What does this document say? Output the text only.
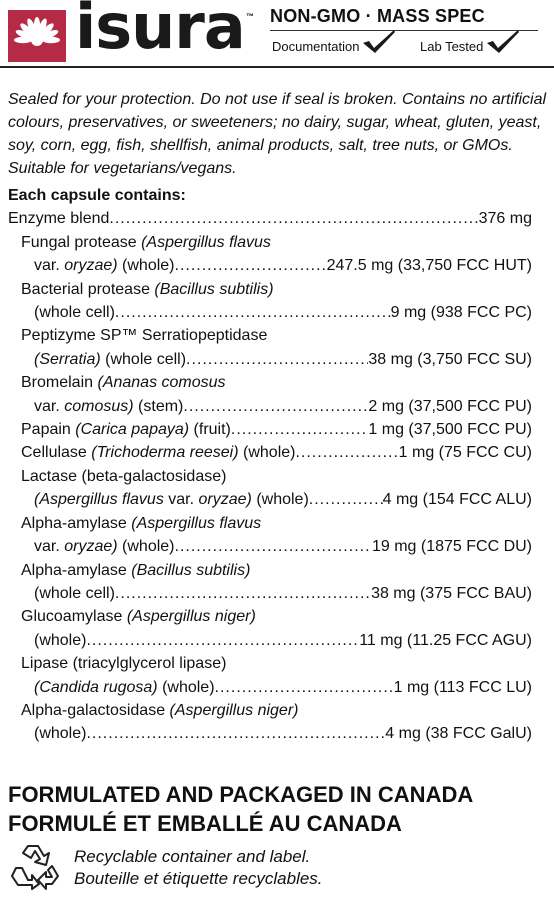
isura ™ NON-GMO · MASS SPEC
Documentation	Lab Tested
Sealed for your protection. Do not use if seal is broken. Contains no artificial colours, preservatives, or sweeteners; no dairy, sugar, wheat, gluten, yeast, soy, corn, egg, fish, shellfish, animal products, salt, tree nuts, or GMOs. Suitable for vegetarians/vegans.
Each capsule contains:
Enzyme blend .....	376 mg
Fungal protease (Aspergillus flavus
var. oryzae) (whole) .....	247.5 mg (33,750 FCC HUT)
Bacterial protease (Bacillus subtilis)
(whole cell) .....	9 mg (938 FCC PC)
Peptizyme SP™ Serratiopeptidase
(Serratia) (whole cell) .....	38 mg (3,750 FCC SU)
Bromelain (Ananas comosus
var. comosus) (stem) .....	2 mg (37,500 FCC PU)
Papain (Carica papaya) (fruit) .....	1 mg (37,500 FCC PU)
Cellulase (Trichoderma reesei) (whole) .....	1 mg (75 FCC CU)
Lactase (beta-galactosidase)
(Aspergillus flavus var. oryzae) (whole) .....	4 mg (154 FCC ALU)
Alpha-amylase (Aspergillus flavus
var. oryzae) (whole) .....	19 mg (1875 FCC DU)
Alpha-amylase (Bacillus subtilis)
(whole cell) .....	38 mg (375 FCC BAU)
Glucoamylase (Aspergillus niger)
(whole) .....	11 mg (11.25 FCC AGU)
Lipase (triacylglycerol lipase)
(Candida rugosa) (whole) .....	1 mg (113 FCC LU)
Alpha-galactosidase (Aspergillus niger)
(whole) .....	4 mg (38 FCC GalU)
FORMULATED AND PACKAGED IN CANADA
FORMULÉ ET EMBALLÉ AU CANADA
Recyclable container and label.
Bouteille et étiquette recyclables.
